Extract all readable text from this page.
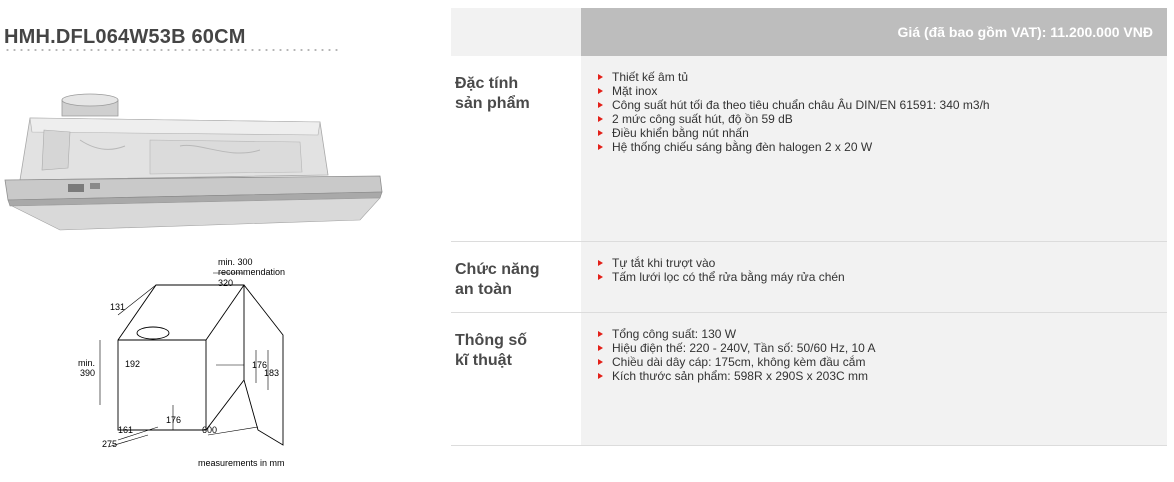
HMH.DFL064W53B 60CM
min. 300
recommendation
320
131
min.
390
192	176
183
176
161
275
600
measurements in mm
Giá (đã bao gồm VAT): 11.200.000 VNĐ
Đặc tính
sản phẩm
Thiết kế âm tủ
Mặt inox
Công suất hút tối đa theo tiêu chuẩn châu Âu DIN/EN 61591: 340 m3/h
2 mức công suất hút, độ ồn 59 dB
Điều khiển bằng nút nhấn
Hệ thống chiếu sáng bằng đèn halogen 2 x 20 W
Chức năng
an toàn
Tự tắt khi trượt vào
Tấm lưới lọc có thể rửa bằng máy rửa chén
Thông số
kĩ thuật
Tổng công suất: 130 W
Hiệu điện thế: 220 - 240V, Tần số: 50/60 Hz, 10 A
Chiều dài dây cáp: 175cm, không kèm đầu cắm
Kích thước sản phẩm: 598R x 290S x 203C mm
